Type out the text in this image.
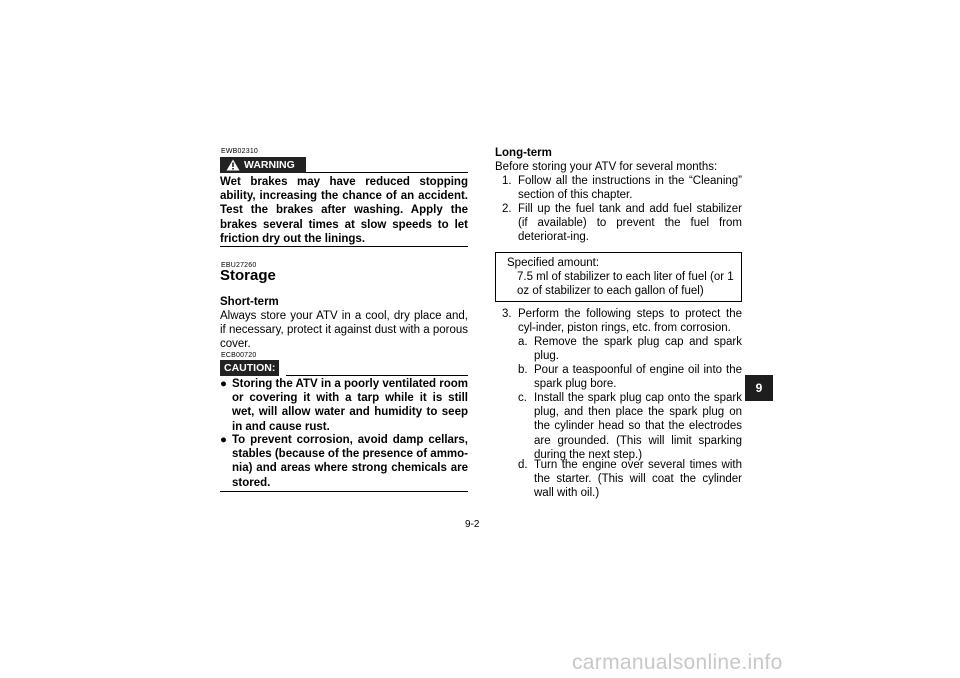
EWB02310
WARNING
Wet brakes may have reduced stopping ability, increasing the chance of an accident. Test the brakes after washing. Apply the brakes several times at slow speeds to let friction dry out the linings.
EBU27260
Storage
Short-term
Always store your ATV in a cool, dry place and, if necessary, protect it against dust with a porous cover.
ECB00720
CAUTION:
● Storing the ATV in a poorly ventilated room or covering it with a tarp while it is still wet, will allow water and humidity to seep in and cause rust.
● To prevent corrosion, avoid damp cellars, stables (because of the presence of ammo-nia) and areas where strong chemicals are stored.
Long-term
Before storing your ATV for several months:
1. Follow all the instructions in the “Cleaning” section of this chapter.
2. Fill up the fuel tank and add fuel stabilizer (if available) to prevent the fuel from deteriorat-ing.
Specified amount:
7.5 ml of stabilizer to each liter of fuel (or 1 oz of stabilizer to each gallon of fuel)
3. Perform the following steps to protect the cyl-inder, piston rings, etc. from corrosion.
a. Remove the spark plug cap and spark plug.
b. Pour a teaspoonful of engine oil into the spark plug bore.
c. Install the spark plug cap onto the spark plug, and then place the spark plug on the cylinder head so that the electrodes are grounded. (This will limit sparking during the next step.)
d. Turn the engine over several times with the starter. (This will coat the cylinder wall with oil.)
9
9-2
carmanualsonline.info
